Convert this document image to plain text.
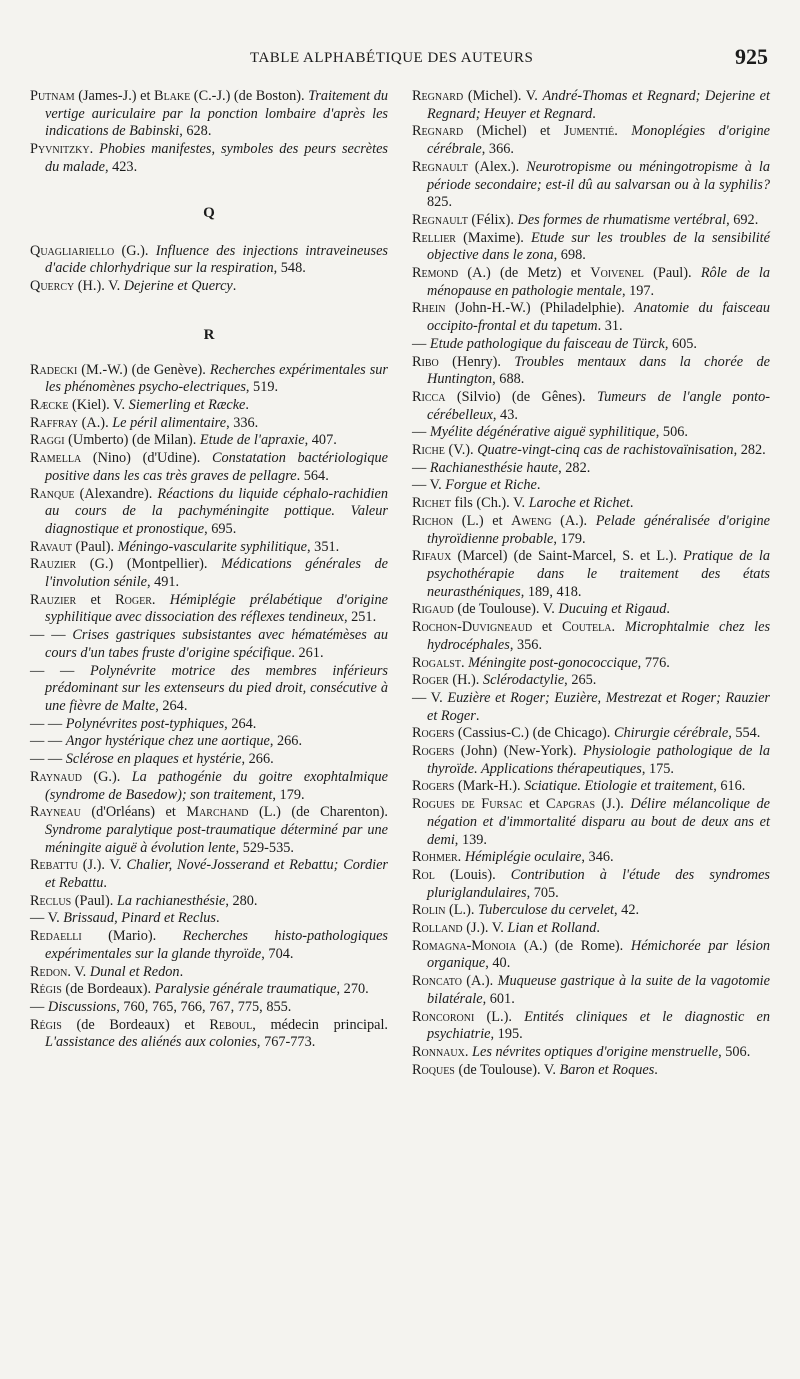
TABLE ALPHABÉTIQUE DES AUTEURS	925

Putnam (James-J.) et Blake (C.-J.) (de Boston). Traitement du vertige auriculaire par la ponction lombaire d'après les indications de Babinski, 628.

Pyvnitzky. Phobies manifestes, symboles des peurs secrètes du malade, 423.

Q

Quagliariello (G.). Influence des injections intraveineuses d'acide chlorhydrique sur la respiration, 548.

Quercy (H.). V. Dejerine et Quercy.

R

Radecki (M.-W.) (de Genève). Recherches expérimentales sur les phénomènes psycho-electriques, 519.

Ræcke (Kiel). V. Siemerling et Ræcke.

Raffray (A.). Le péril alimentaire, 336.

Raggi (Umberto) (de Milan). Etude de l'apraxie, 407.

Ramella (Nino) (d'Udine). Constatation bactériologique positive dans les cas très graves de pellagre. 564.

Ranque (Alexandre). Réactions du liquide céphalo-rachidien au cours de la pachyméningite pottique. Valeur diagnostique et pronostique, 695.

Ravaut (Paul). Méningo-vascularite syphilitique, 351.

Rauzier (G.) (Montpellier). Médications générales de l'involution sénile, 491.

Rauzier et Roger. Hémiplégie prélabétique d'origine syphilitique avec dissociation des réflexes tendineux, 251.

— — Crises gastriques subsistantes avec hématémèses au cours d'un tabes fruste d'origine spécifique. 261.

— — Polynévrite motrice des membres inférieurs prédominant sur les extenseurs du pied droit, consécutive à une fièvre de Malte, 264.

— — Polynévrites post-typhiques, 264.

— — Angor hystérique chez une aortique, 266.

— — Sclérose en plaques et hystérie, 266.

Raynaud (G.). La pathogénie du goitre exophtalmique (syndrome de Basedow); son traitement, 179.

Rayneau (d'Orléans) et Marchand (L.) (de Charenton). Syndrome paralytique post-traumatique déterminé par une méningite aiguë à évolution lente, 529-535.

Rebattu (J.). V. Chalier, Nové-Josserand et Rebattu; Cordier et Rebattu.

Reclus (Paul). La rachianesthésie, 280.

— V. Brissaud, Pinard et Reclus.

Redaelli (Mario). Recherches histo-pathologiques expérimentales sur la glande thyroïde, 704.

Redon. V. Dunal et Redon.

Régis (de Bordeaux). Paralysie générale traumatique, 270.

— Discussions, 760, 765, 766, 767, 775, 855.

Régis (de Bordeaux) et Reboul, médecin principal. L'assistance des aliénés aux colonies, 767-773.

Regnard (Michel). V. André-Thomas et Regnard; Dejerine et Regnard; Heuyer et Regnard.

Regnard (Michel) et Jumentié. Monoplégies d'origine cérébrale, 366.

Regnault (Alex.). Neurotropisme ou méningotropisme à la période secondaire; est-il dû au salvarsan ou à la syphilis? 825.

Regnault (Félix). Des formes de rhumatisme vertébral, 692.

Rellier (Maxime). Etude sur les troubles de la sensibilité objective dans le zona, 698.

Remond (A.) (de Metz) et Voivenel (Paul). Rôle de la ménopause en pathologie mentale, 197.

Rhein (John-H.-W.) (Philadelphie). Anatomie du faisceau occipito-frontal et du tapetum. 31.

— Etude pathologique du faisceau de Türck, 605.

Ribo (Henry). Troubles mentaux dans la chorée de Huntington, 688.

Ricca (Silvio) (de Gênes). Tumeurs de l'angle ponto-cérébelleux, 43.

— Myélite dégénérative aiguë syphilitique, 506.

Riche (V.). Quatre-vingt-cinq cas de rachistovaïnisation, 282.

— Rachianesthésie haute, 282.

— V. Forgue et Riche.

Richet fils (Ch.). V. Laroche et Richet.

Richon (L.) et Aweng (A.). Pelade généralisée d'origine thyroïdienne probable, 179.

Rifaux (Marcel) (de Saint-Marcel, S. et L.). Pratique de la psychothérapie dans le traitement des états neurasthéniques, 189, 418.

Rigaud (de Toulouse). V. Ducuing et Rigaud.

Rochon-Duvigneaud et Coutela. Microphtalmie chez les hydrocéphales, 356.

Rogalst. Méningite post-gonococcique, 776.

Roger (H.). Sclérodactylie, 265.

— V. Euzière et Roger; Euzière, Mestrezat et Roger; Rauzier et Roger.

Rogers (Cassius-C.) (de Chicago). Chirurgie cérébrale, 554.

Rogers (John) (New-York). Physiologie pathologique de la thyroïde. Applications thérapeutiques, 175.

Rogers (Mark-H.). Sciatique. Etiologie et traitement, 616.

Rogues de Fursac et Capgras (J.). Délire mélancolique de négation et d'immortalité disparu au bout de deux ans et demi, 139.

Rohmer. Hémiplégie oculaire, 346.

Rol (Louis). Contribution à l'étude des syndromes pluriglandulaires, 705.

Rolin (L.). Tuberculose du cervelet, 42.

Rolland (J.). V. Lian et Rolland.

Romagna-Monoia (A.) (de Rome). Hémichorée par lésion organique, 40.

Roncato (A.). Muqueuse gastrique à la suite de la vagotomie bilatérale, 601.

Roncoroni (L.). Entités cliniques et le diagnostic en psychiatrie, 195.

Ronnaux. Les névrites optiques d'origine menstruelle, 506.

Roques (de Toulouse). V. Baron et Roques.
